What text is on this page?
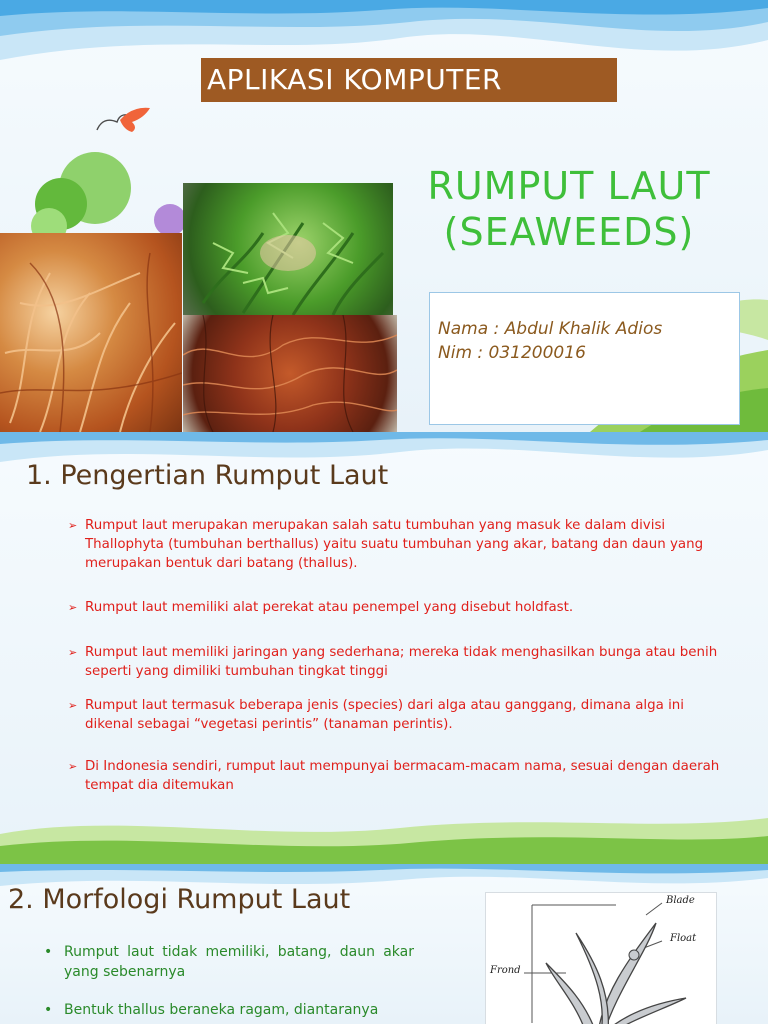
APLIKASI KOMPUTER
RUMPUT LAUT
(SEAWEEDS)
Nama : Abdul Khalik Adios
Nim : 031200016
1. Pengertian Rumput Laut
➢ Rumput laut merupakan merupakan salah satu tumbuhan yang masuk ke dalam divisi Thallophyta (tumbuhan berthallus) yaitu suatu tumbuhan yang akar, batang dan daun yang merupakan bentuk dari batang (thallus).
➢ Rumput laut memiliki alat perekat atau penempel yang disebut holdfast.
➢ Rumput laut memiliki jaringan yang sederhana; mereka tidak menghasilkan bunga atau benih seperti yang dimiliki tumbuhan tingkat tinggi
➢ Rumput laut termasuk beberapa jenis (species) dari alga atau ganggang, dimana alga ini dikenal sebagai “vegetasi perintis” (tanaman perintis).
➢ Di Indonesia sendiri, rumput laut mempunyai bermacam-macam nama, sesuai dengan daerah tempat dia ditemukan
2. Morfologi Rumput Laut
• Rumput laut tidak memiliki, batang, daun akar yang sebenarnya
• Bentuk thallus beraneka ragam, diantaranya
Blade
Float
Frond
